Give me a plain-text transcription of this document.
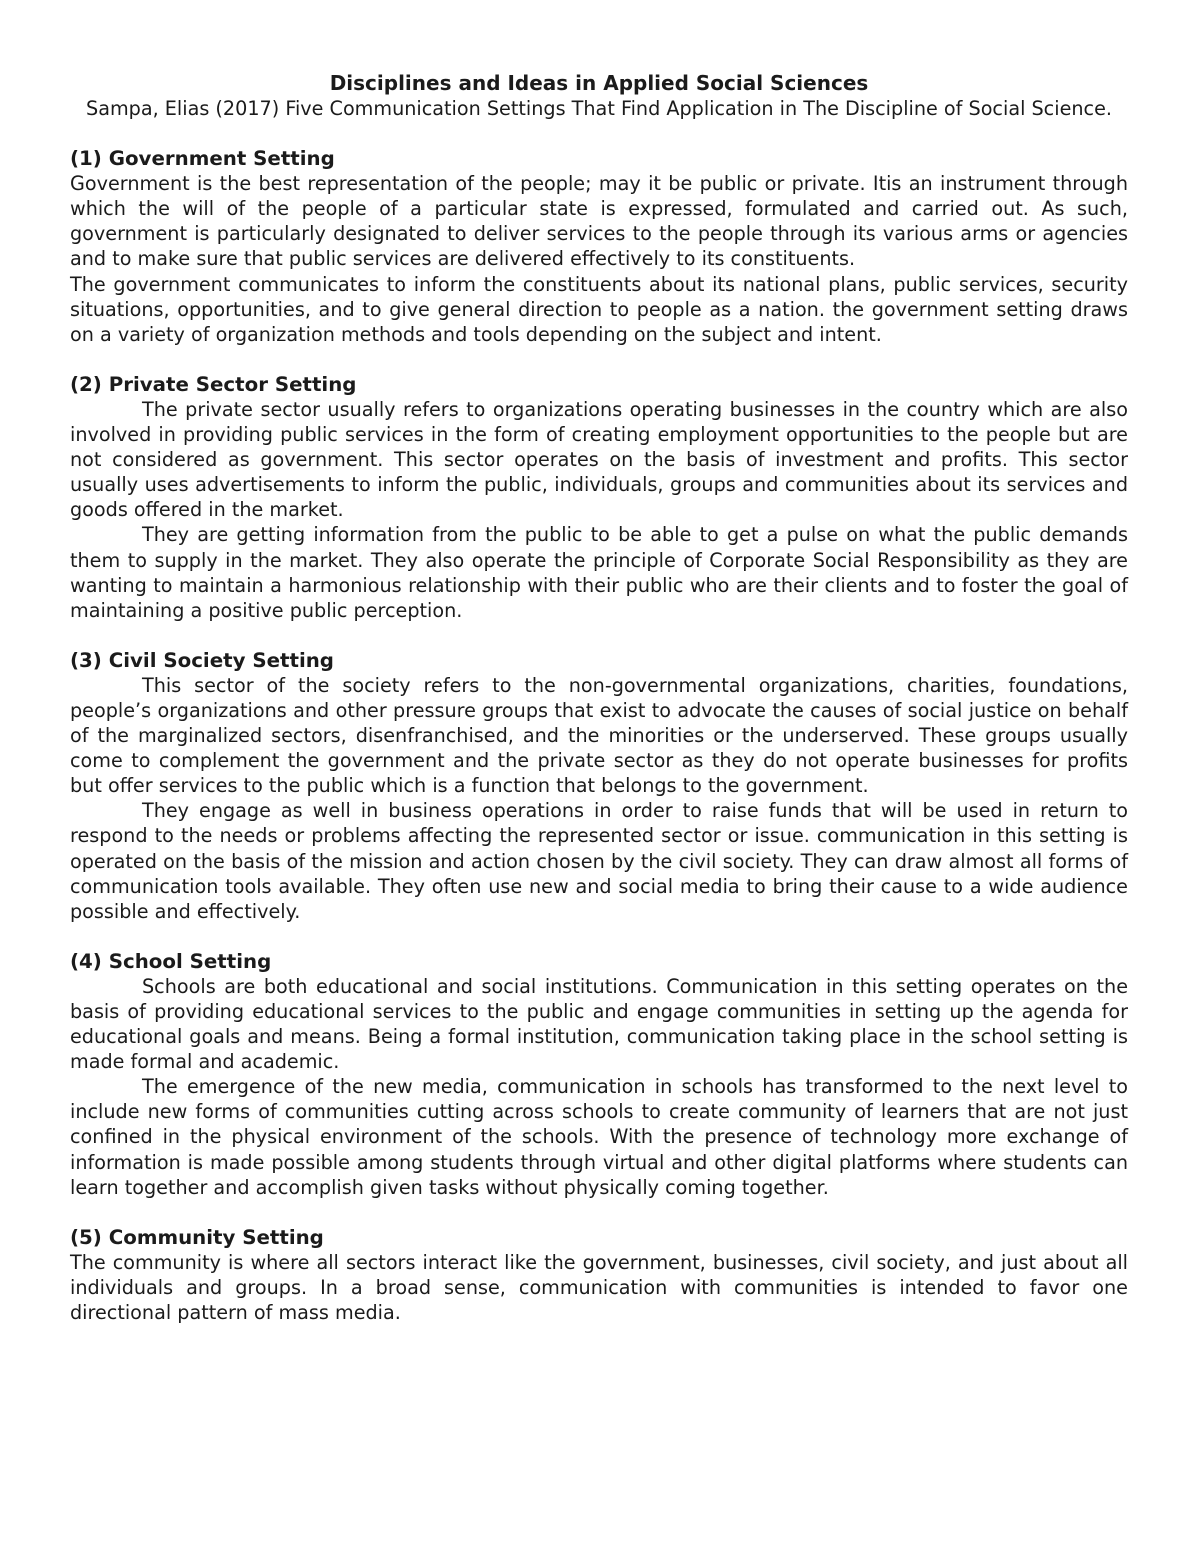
Disciplines and Ideas in Applied Social Sciences
Sampa, Elias (2017) Five Communication Settings That Find Application in The Discipline of Social Science.
(1) Government Setting

Government is the best representation of the people; may it be public or private. Itis an instrument through which the will of the people of a particular state is expressed, formulated and carried out. As such, government is particularly designated to deliver services to the people through its various arms or agencies and to make sure that public services are delivered effectively to its constituents.

The government communicates to inform the constituents about its national plans, public services, security situations, opportunities, and to give general direction to people as a nation. the government setting draws on a variety of organization methods and tools depending on the subject and intent.

(2) Private Sector Setting

The private sector usually refers to organizations operating businesses in the country which are also involved in providing public services in the form of creating employment opportunities to the people but are not considered as government. This sector operates on the basis of investment and profits. This sector usually uses advertisements to inform the public, individuals, groups and communities about its services and goods offered in the market.

They are getting information from the public to be able to get a pulse on what the public demands them to supply in the market. They also operate the principle of Corporate Social Responsibility as they are wanting to maintain a harmonious relationship with their public who are their clients and to foster the goal of maintaining a positive public perception.

(3) Civil Society Setting

This sector of the society refers to the non-governmental organizations, charities, foundations, people’s organizations and other pressure groups that exist to advocate the causes of social justice on behalf of the marginalized sectors, disenfranchised, and the minorities or the underserved. These groups usually come to complement the government and the private sector as they do not operate businesses for profits but offer services to the public which is a function that belongs to the government.

They engage as well in business operations in order to raise funds that will be used in return to respond to the needs or problems affecting the represented sector or issue. communication in this setting is operated on the basis of the mission and action chosen by the civil society. They can draw almost all forms of communication tools available. They often use new and social media to bring their cause to a wide audience possible and effectively.

(4) School Setting

Schools are both educational and social institutions. Communication in this setting operates on the basis of providing educational services to the public and engage communities in setting up the agenda for educational goals and means. Being a formal institution, communication taking place in the school setting is made formal and academic.

The emergence of the new media, communication in schools has transformed to the next level to include new forms of communities cutting across schools to create community of learners that are not just confined in the physical environment of the schools. With the presence of technology more exchange of information is made possible among students through virtual and other digital platforms where students can learn together and accomplish given tasks without physically coming together.

(5) Community Setting

The community is where all sectors interact like the government, businesses, civil society, and just about all individuals and groups. In a broad sense, communication with communities is intended to favor one directional pattern of mass media.
